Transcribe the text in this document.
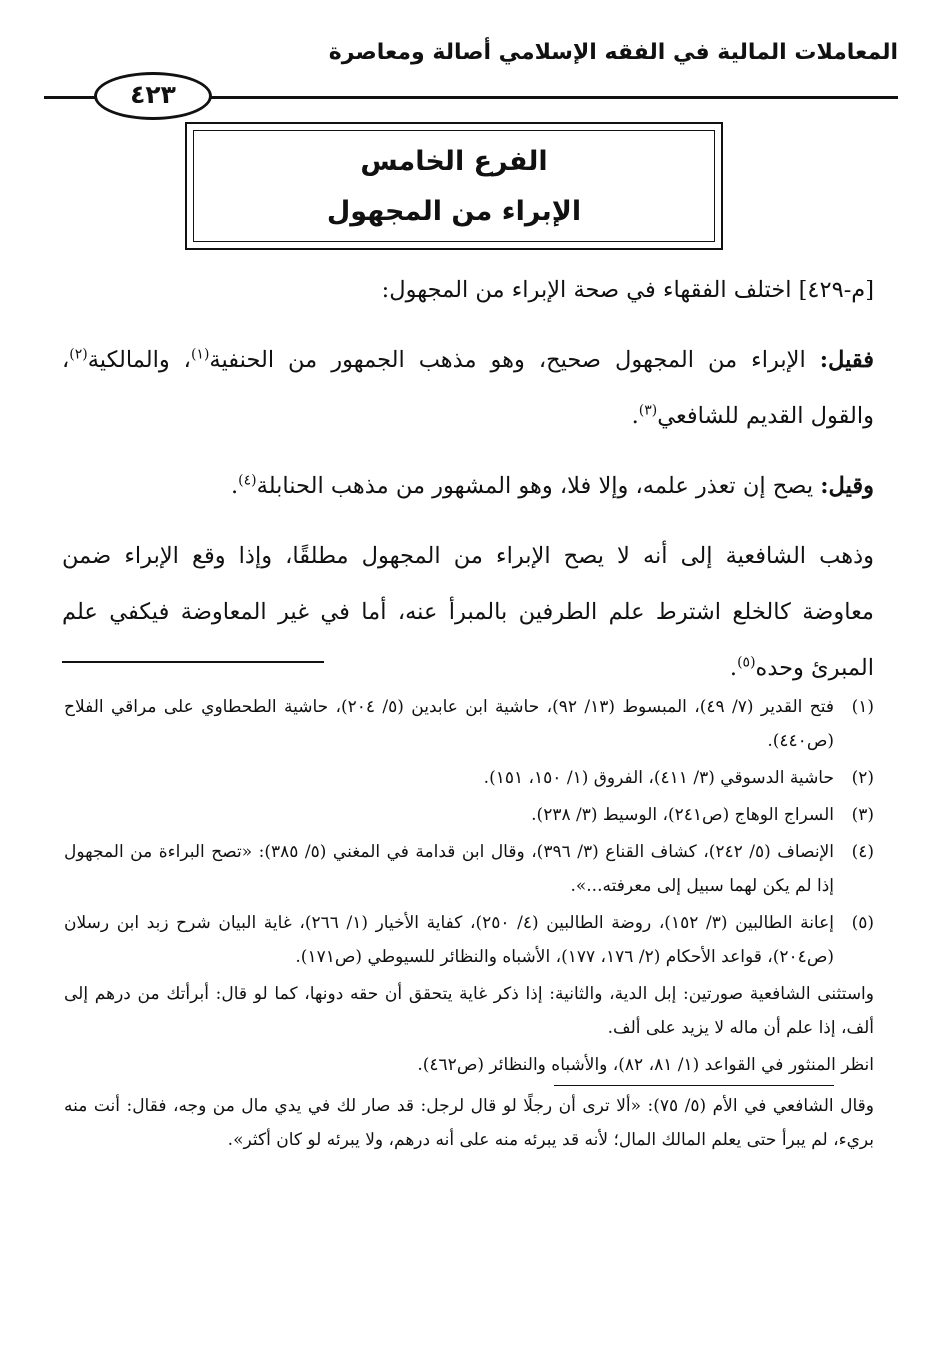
المعاملات المالية في الفقه الإسلامي أصالة ومعاصرة
٤٢٣
الفرع الخامس
الإبراء من المجهول

[م-٤٢٩] اختلف الفقهاء في صحة الإبراء من المجهول:

فقيل: الإبراء من المجهول صحيح، وهو مذهب الجمهور من الحنفية$^{(١)}$، والمالكية$^{(٢)}$، والقول القديم للشافعي$^{(٣)}$.

وقيل: يصح إن تعذر علمه، وإلا فلا، وهو المشهور من مذهب الحنابلة$^{(٤)}$.

وذهب الشافعية إلى أنه لا يصح الإبراء من المجهول مطلقًا، وإذا وقع الإبراء ضمن معاوضة كالخلع اشترط علم الطرفين بالمبرأ عنه، أما في غير المعاوضة فيكفي علم المبرئ وحده$^{(٥)}$.

(١)
فتح القدير (٧/ ٤٩)، المبسوط (١٣/ ٩٢)، حاشية ابن عابدين (٥/ ٢٠٤)، حاشية الطحطاوي على مراقي الفلاح (ص٤٤٠).
(٢)
حاشية الدسوقي (٣/ ٤١١)، الفروق (١/ ١٥٠، ١٥١).
(٣)
السراج الوهاج (ص٢٤١)، الوسيط (٣/ ٢٣٨).
(٤)
الإنصاف (٥/ ٢٤٢)، كشاف القناع (٣/ ٣٩٦)، وقال ابن قدامة في المغني (٥/ ٣٨٥): «تصح البراءة من المجهول إذا لم يكن لهما سبيل إلى معرفته...».
(٥)
إعانة الطالبين (٣/ ١٥٢)، روضة الطالبين (٤/ ٢٥٠)، كفاية الأخيار (١/ ٢٦٦)، غاية البيان شرح زبد ابن رسلان (ص٢٠٤)، قواعد الأحكام (٢/ ١٧٦، ١٧٧)، الأشباه والنظائر للسيوطي (ص١٧١).
واستثنى الشافعية صورتين: إبل الدية، والثانية: إذا ذكر غاية يتحقق أن حقه دونها، كما لو قال: أبرأتك من درهم إلى ألف، إذا علم أن ماله لا يزيد على ألف.
انظر المنثور في القواعد (١/ ٨١، ٨٢)، والأشباه والنظائر (ص٤٦٢).
وقال الشافعي في الأم (٥/ ٧٥): «ألا ترى أن رجلًا لو قال لرجل: قد صار لك في يدي مال من وجه، فقال: أنت منه بريء، لم يبرأ حتى يعلم المالك المال؛ لأنه قد يبرئه منه على أنه درهم، ولا يبرئه لو كان أكثر».
